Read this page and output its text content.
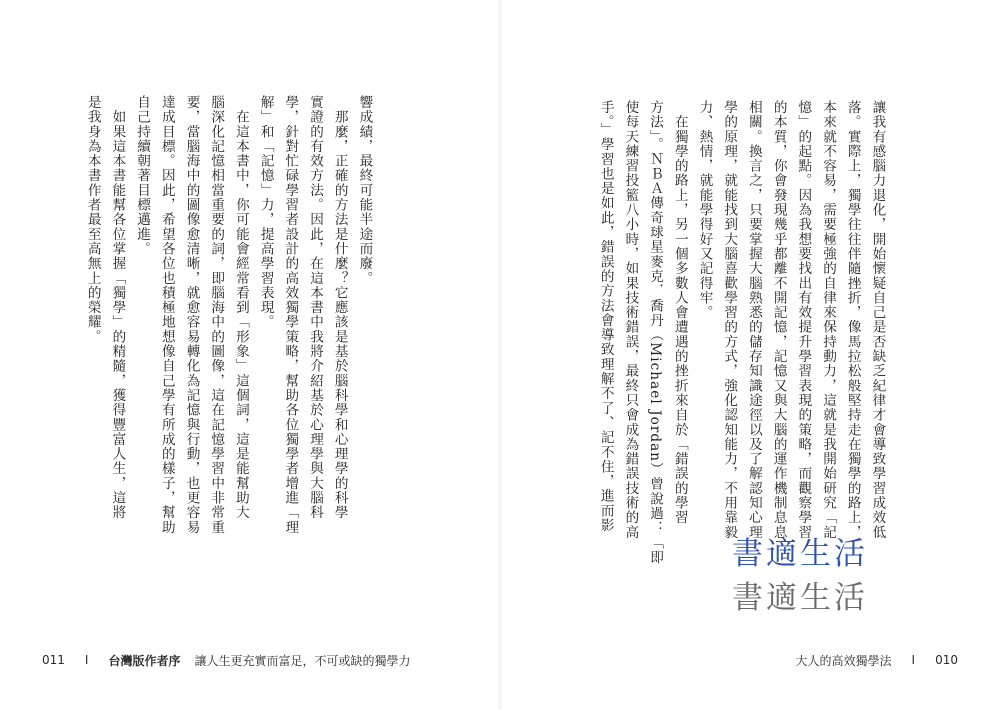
響成績，最終可能半途而廢。

　那麼，正確的方法是什麼？它應該是基於腦科學和心理學的科學

實證的有效方法。因此，在這本書中我將介紹基於心理學與大腦科

學，針對忙碌學習者設計的高效獨學策略，幫助各位獨學者增進「理

解」和「記憶」力，提高學習表現。

　在這本書中，你可能會經常看到「形象」這個詞，這是能幫助大

腦深化記憶相當重要的詞，即腦海中的圖像，這在記憶學習中非常重

要，當腦海中的圖像愈清晰，就愈容易轉化為記憶與行動，也更容易

達成目標。因此，希望各位也積極地想像自己學有所成的樣子，幫助

自己持續朝著目標邁進。

　如果這本書能幫各位掌握「獨學」的精隨，獲得豐富人生，這將

是我身為本書作者最至高無上的榮耀。

011 I 台灣版作者序 讓人生更充實而富足，不可或缺的獨學力

讓我有感腦力退化，開始懷疑自己是否缺乏紀律才會導致學習成效低

落。實際上，獨學往往伴隨挫折，像馬拉松般堅持走在獨學的路上，

本來就不容易，需要極強的自律來保持動力，這就是我開始研究「記

憶」的起點。因為我想要找出有效提升學習表現的策略，而觀察學習

的本質，你會發現幾乎都離不開記憶，記憶又與大腦的運作機制息息

相關。換言之，只要掌握大腦熟悉的儲存知識途徑以及了解認知心理

學的原理，就能找到大腦喜歡學習的方式，強化認知能力，不用靠毅

力、熱情，就能學得好又記得牢。

　在獨學的路上，另一個多數人會遭遇的挫折來自於「錯誤的學習

方法」。ＮＢＡ傳奇球星麥克．喬丹（Michael Jordan）曾說過：「即

使每天練習投籃八小時，如果技術錯誤，最終只會成為錯誤技術的高

手。」學習也是如此，錯誤的方法會導致理解不了、記不住，進而影

書適生活
書適生活
大人的高效獨學法 I 010
